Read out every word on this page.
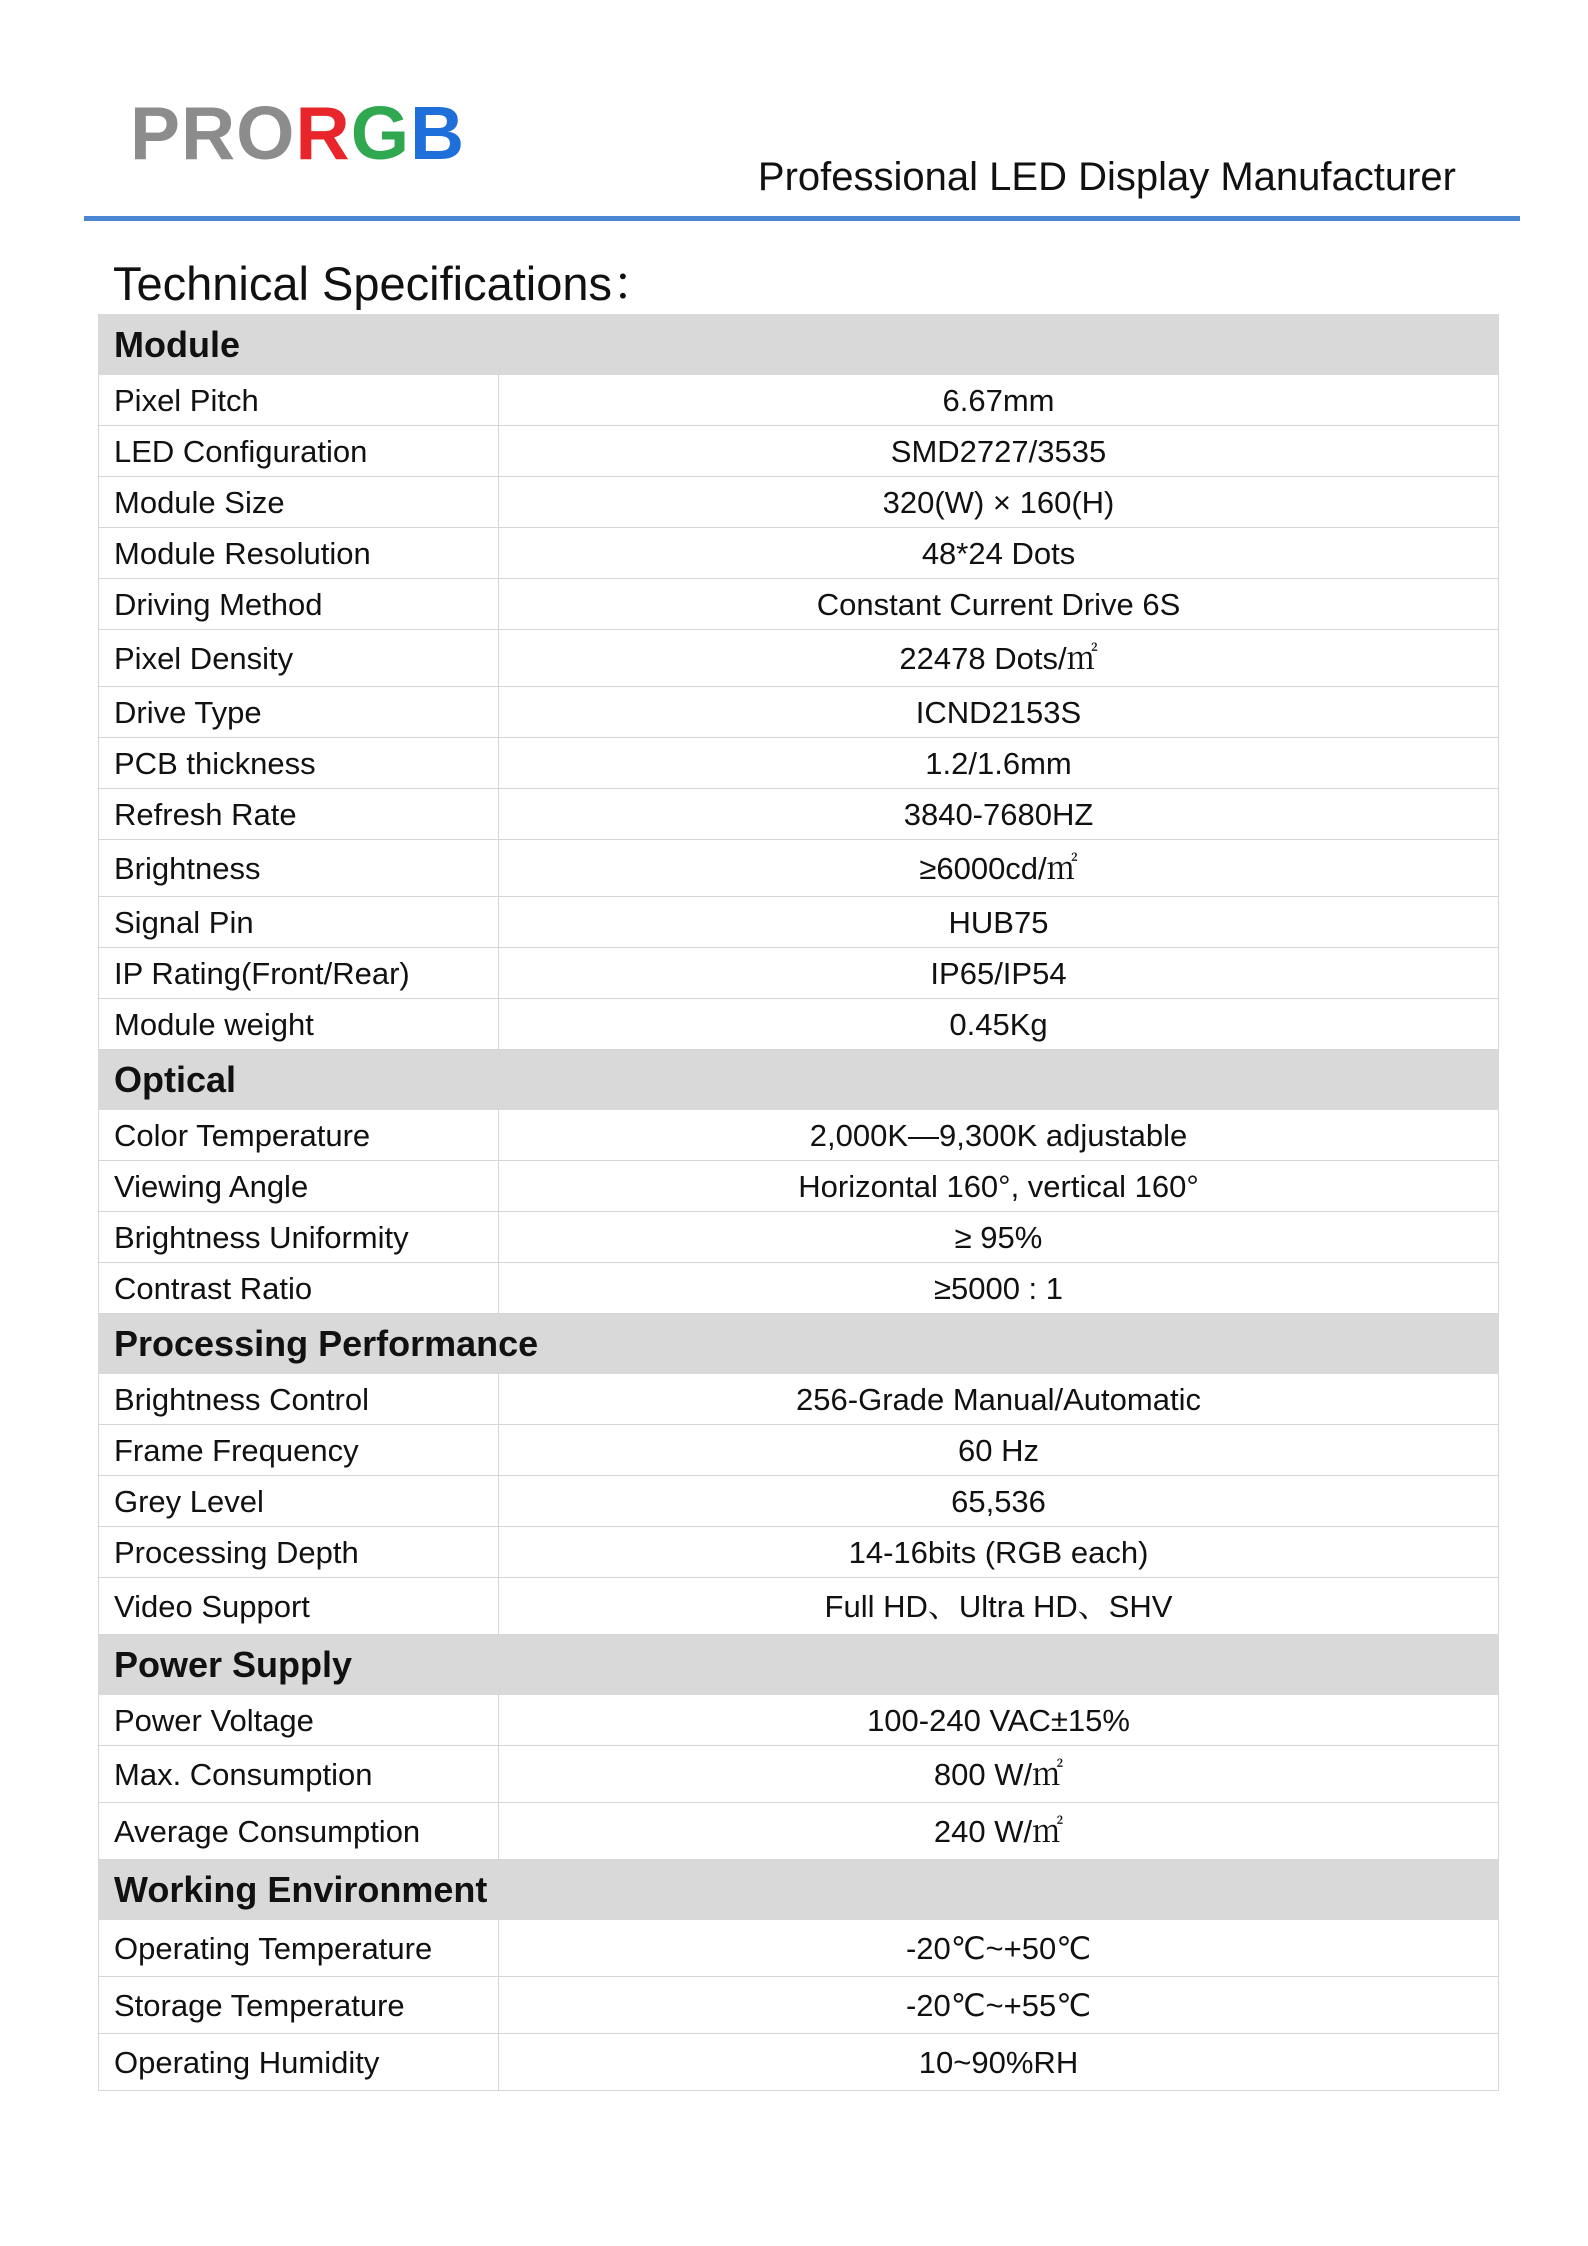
PRORGB
Professional LED Display Manufacturer
Technical Specifications：
Module	
Pixel Pitch	6.67mm
LED Configuration	SMD2727/3535
Module Size	320(W) × 160(H)
Module Resolution	48*24 Dots
Driving Method	Constant Current Drive 6S
Pixel Density	22478 Dots/㎡
Drive Type	ICND2153S
PCB thickness	1.2/1.6mm
Refresh Rate	3840-7680HZ
Brightness	≥6000cd/㎡
Signal Pin	HUB75
IP Rating(Front/Rear)	IP65/IP54
Module weight	0.45Kg
Optical	
Color Temperature	2,000K—9,300K adjustable
Viewing Angle	Horizontal 160°, vertical 160°
Brightness Uniformity	≥ 95%
Contrast Ratio	≥5000 : 1
Processing Performance	
Brightness Control	256-Grade Manual/Automatic
Frame Frequency	60 Hz
Grey Level	65,536
Processing Depth	14-16bits (RGB each)
Video Support	Full HD、Ultra HD、SHV
Power Supply	
Power Voltage	100-240 VAC±15%
Max. Consumption	800 W/㎡
Average Consumption	240 W/㎡
Working Environment	
Operating Temperature	-20℃~+50℃
Storage Temperature	-20℃~+55℃
Operating Humidity	10~90%RH
